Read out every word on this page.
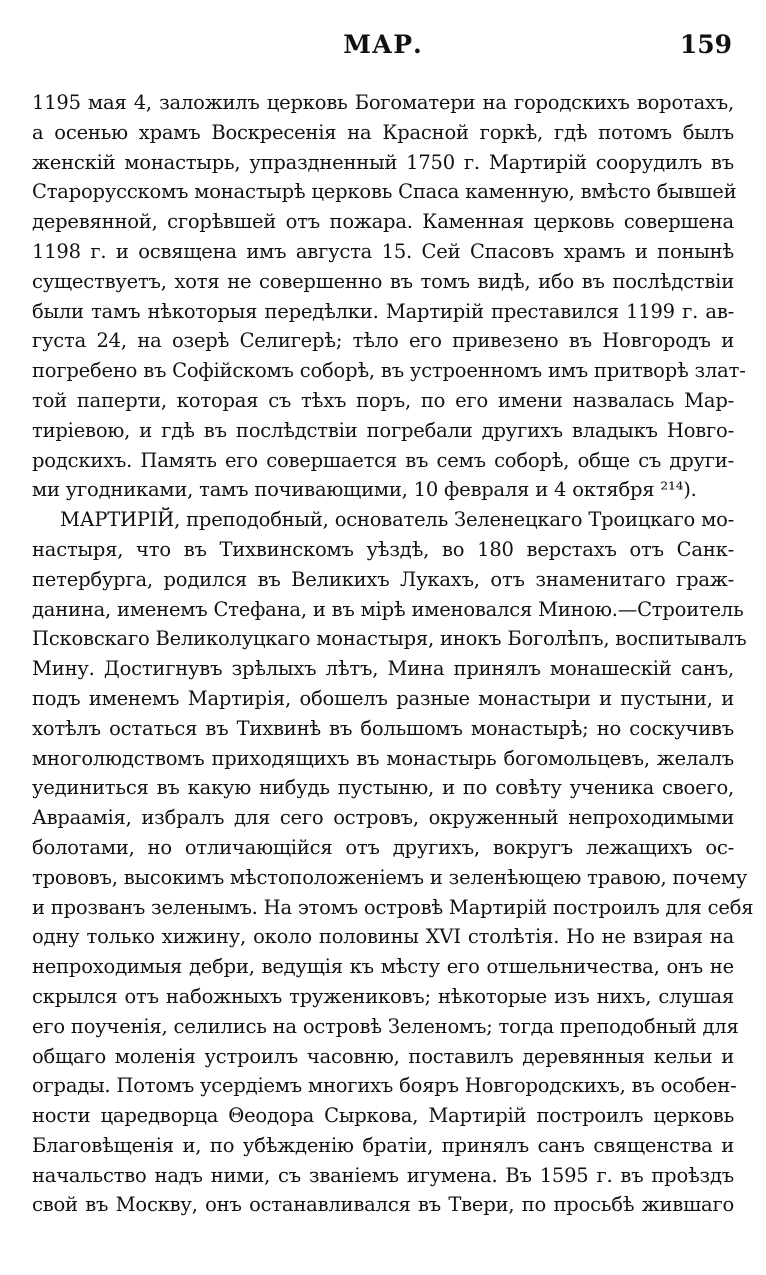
МАР.	159
1195 мая 4, заложилъ церковь Богоматери на городскихъ воротахъ,
а осенью храмъ Воскресенія на Красной горкѣ, гдѣ потомъ былъ
женскій монастырь, упраздненный 1750 г. Мартирій соорудилъ въ
Старорусскомъ монастырѣ церковь Спаса каменную, вмѣсто бывшей
деревянной, сгорѣвшей отъ пожара. Каменная церковь совершена
1198 г. и освящена имъ августа 15. Сей Спасовъ храмъ и понынѣ
существуетъ, хотя не совершенно въ томъ видѣ, ибо въ послѣдствіи
были тамъ нѣкоторыя передѣлки. Мартирій преставился 1199 г. ав-
густа 24, на озерѣ Селигерѣ; тѣло его привезено въ Новгородъ и
погребено въ Софійскомъ соборѣ, въ устроенномъ имъ притворѣ злат-
той паперти, которая съ тѣхъ поръ, по его имени назвалась Мар-
тиріевою, и гдѣ въ послѣдствіи погребали другихъ владыкъ Новго-
родскихъ. Память его совершается въ семъ соборѣ, обще съ други-
ми угодниками, тамъ почивающими, 10 февраля и 4 октября ²¹⁴).
МАРТИРІЙ, преподобный, основатель Зеленецкаго Троицкаго мо-
настыря, что въ Тихвинскомъ уѣздѣ, во 180 верстахъ отъ Санк-
петербурга, родился въ Великихъ Лукахъ, отъ знаменитаго граж-
данина, именемъ Стефана, и въ мірѣ именовался Миною.—Строитель
Псковскаго Великолуцкаго монастыря, инокъ Боголѣпъ, воспитывалъ
Мину. Достигнувъ зрѣлыхъ лѣтъ, Мина принялъ монашескій санъ,
подъ именемъ Мартирія, обошелъ разные монастыри и пустыни, и
хотѣлъ остаться въ Тихвинѣ въ большомъ монастырѣ; но соскучивъ
многолюдствомъ приходящихъ въ монастырь богомольцевъ, желалъ
уединиться въ какую нибудь пустыню, и по совѣту ученика своего,
Авраамія, избралъ для сего островъ, окруженный непроходимыми
болотами, но отличающійся отъ другихъ, вокругъ лежащихъ ос-
трововъ, высокимъ мѣстоположеніемъ и зеленѣющею травою, почему
и прозванъ зеленымъ. На этомъ островѣ Мартирій построилъ для себя
одну только хижину, около половины XVI столѣтія. Но не взирая на
непроходимыя дебри, ведущія къ мѣсту его отшельничества, онъ не
скрылся отъ набожныхъ тружениковъ; нѣкоторые изъ нихъ, слушая
его поученія, селились на островѣ Зеленомъ; тогда преподобный для
общаго моленія устроилъ часовню, поставилъ деревянныя кельи и
ограды. Потомъ усердіемъ многихъ бояръ Новгородскихъ, въ особен-
ности царедворца Θеодора Сыркова, Мартирій построилъ церковь
Благовѣщенія и, по убѣжденію братіи, принялъ санъ священства и
начальство надъ ними, съ званіемъ игумена. Въ 1595 г. въ проѣздъ
свой въ Москву, онъ останавливался въ Твери, по просьбѣ жившаго
